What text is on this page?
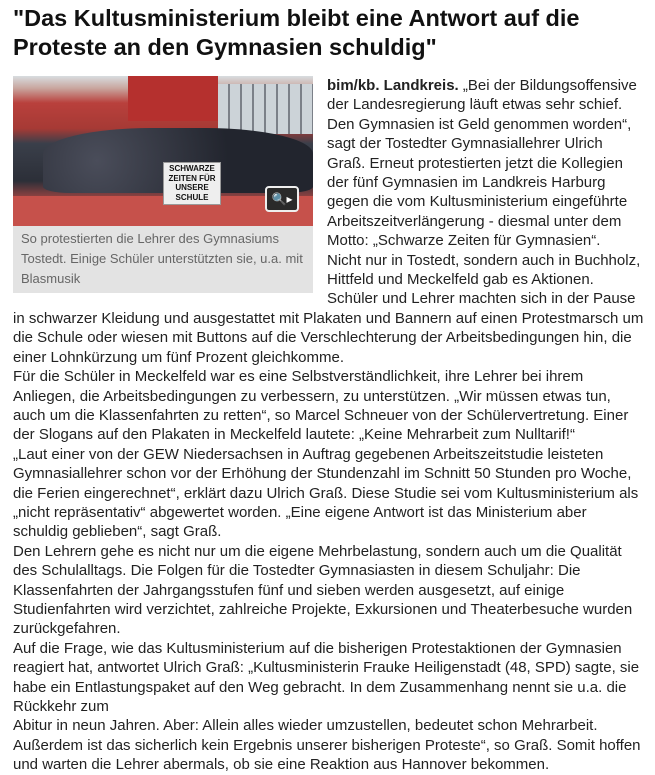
"Das Kultusministerium bleibt eine Antwort auf die Proteste an den Gymnasien schuldig"
SCHWARZE ZEITEN FÜR UNSERE SCHULE	🔍▸
So protestierten die Lehrer des Gymnasiums Tostedt. Einige Schüler unterstützten sie, u.a. mit Blasmusik

bim/kb. Landkreis. „Bei der Bildungsoffensive der Landesregierung läuft etwas sehr schief. Den Gymnasien ist Geld genommen worden“, sagt der Tostedter Gymnasiallehrer Ulrich Graß. Erneut protestierten jetzt die Kollegien der fünf Gymnasien im Landkreis Harburg gegen die vom Kultusministerium eingeführte Arbeitszeitverlängerung - diesmal unter dem Motto: „Schwarze Zeiten für Gymnasien“.

Nicht nur in Tostedt, sondern auch in Buchholz, Hittfeld und Meckelfeld gab es Aktionen. Schüler und Lehrer machten sich in der Pause in schwarzer Kleidung und ausgestattet mit Plakaten und Bannern auf einen Protestmarsch um die Schule oder wiesen mit Buttons auf die Verschlechterung der Arbeitsbedingungen hin, die einer Lohnkürzung um fünf Prozent gleichkomme.

Für die Schüler in Meckelfeld war es eine Selbstverständlichkeit, ihre Lehrer bei ihrem Anliegen, die Arbeitsbedingungen zu verbessern, zu unterstützen. „Wir müssen etwas tun, auch um die Klassenfahrten zu retten“, so Marcel Schneuer von der Schülervertretung. Einer der Slogans auf den Plakaten in Meckelfeld lautete: „Keine Mehrarbeit zum Nulltarif!“

„Laut einer von der GEW Niedersachsen in Auftrag gegebenen Arbeitszeitstudie leisteten Gymnasiallehrer schon vor der Erhöhung der Stundenzahl im Schnitt 50 Stunden pro Woche, die Ferien eingerechnet“, erklärt dazu Ulrich Graß. Diese Studie sei vom Kultusministerium als „nicht repräsentativ“ abgewertet worden. „Eine eigene Antwort ist das Ministerium aber schuldig geblieben“, sagt Graß.

Den Lehrern gehe es nicht nur um die eigene Mehrbelastung, sondern auch um die Qualität des Schulalltags. Die Folgen für die Tostedter Gymnasiasten in diesem Schuljahr: Die Klassenfahrten der Jahrgangsstufen fünf und sieben werden ausgesetzt, auf einige Studienfahrten wird verzichtet, zahlreiche Projekte, Exkursionen und Theaterbesuche wurden zurückgefahren.

Auf die Frage, wie das Kultusministerium auf die bisherigen Protestaktionen der Gymnasien reagiert hat, antwortet Ulrich Graß: „Kultusministerin Frauke Heiligenstadt (48, SPD) sagte, sie habe ein Entlastungspaket auf den Weg gebracht. In dem Zusammenhang nennt sie u.a. die Rückkehr zum

Abitur in neun Jahren. Aber: Allein alles wieder umzustellen, bedeutet schon Mehrarbeit. Außerdem ist das sicherlich kein Ergebnis unserer bisherigen Proteste“, so Graß. Somit hoffen und warten die Lehrer abermals, ob sie eine Reaktion aus Hannover bekommen.
